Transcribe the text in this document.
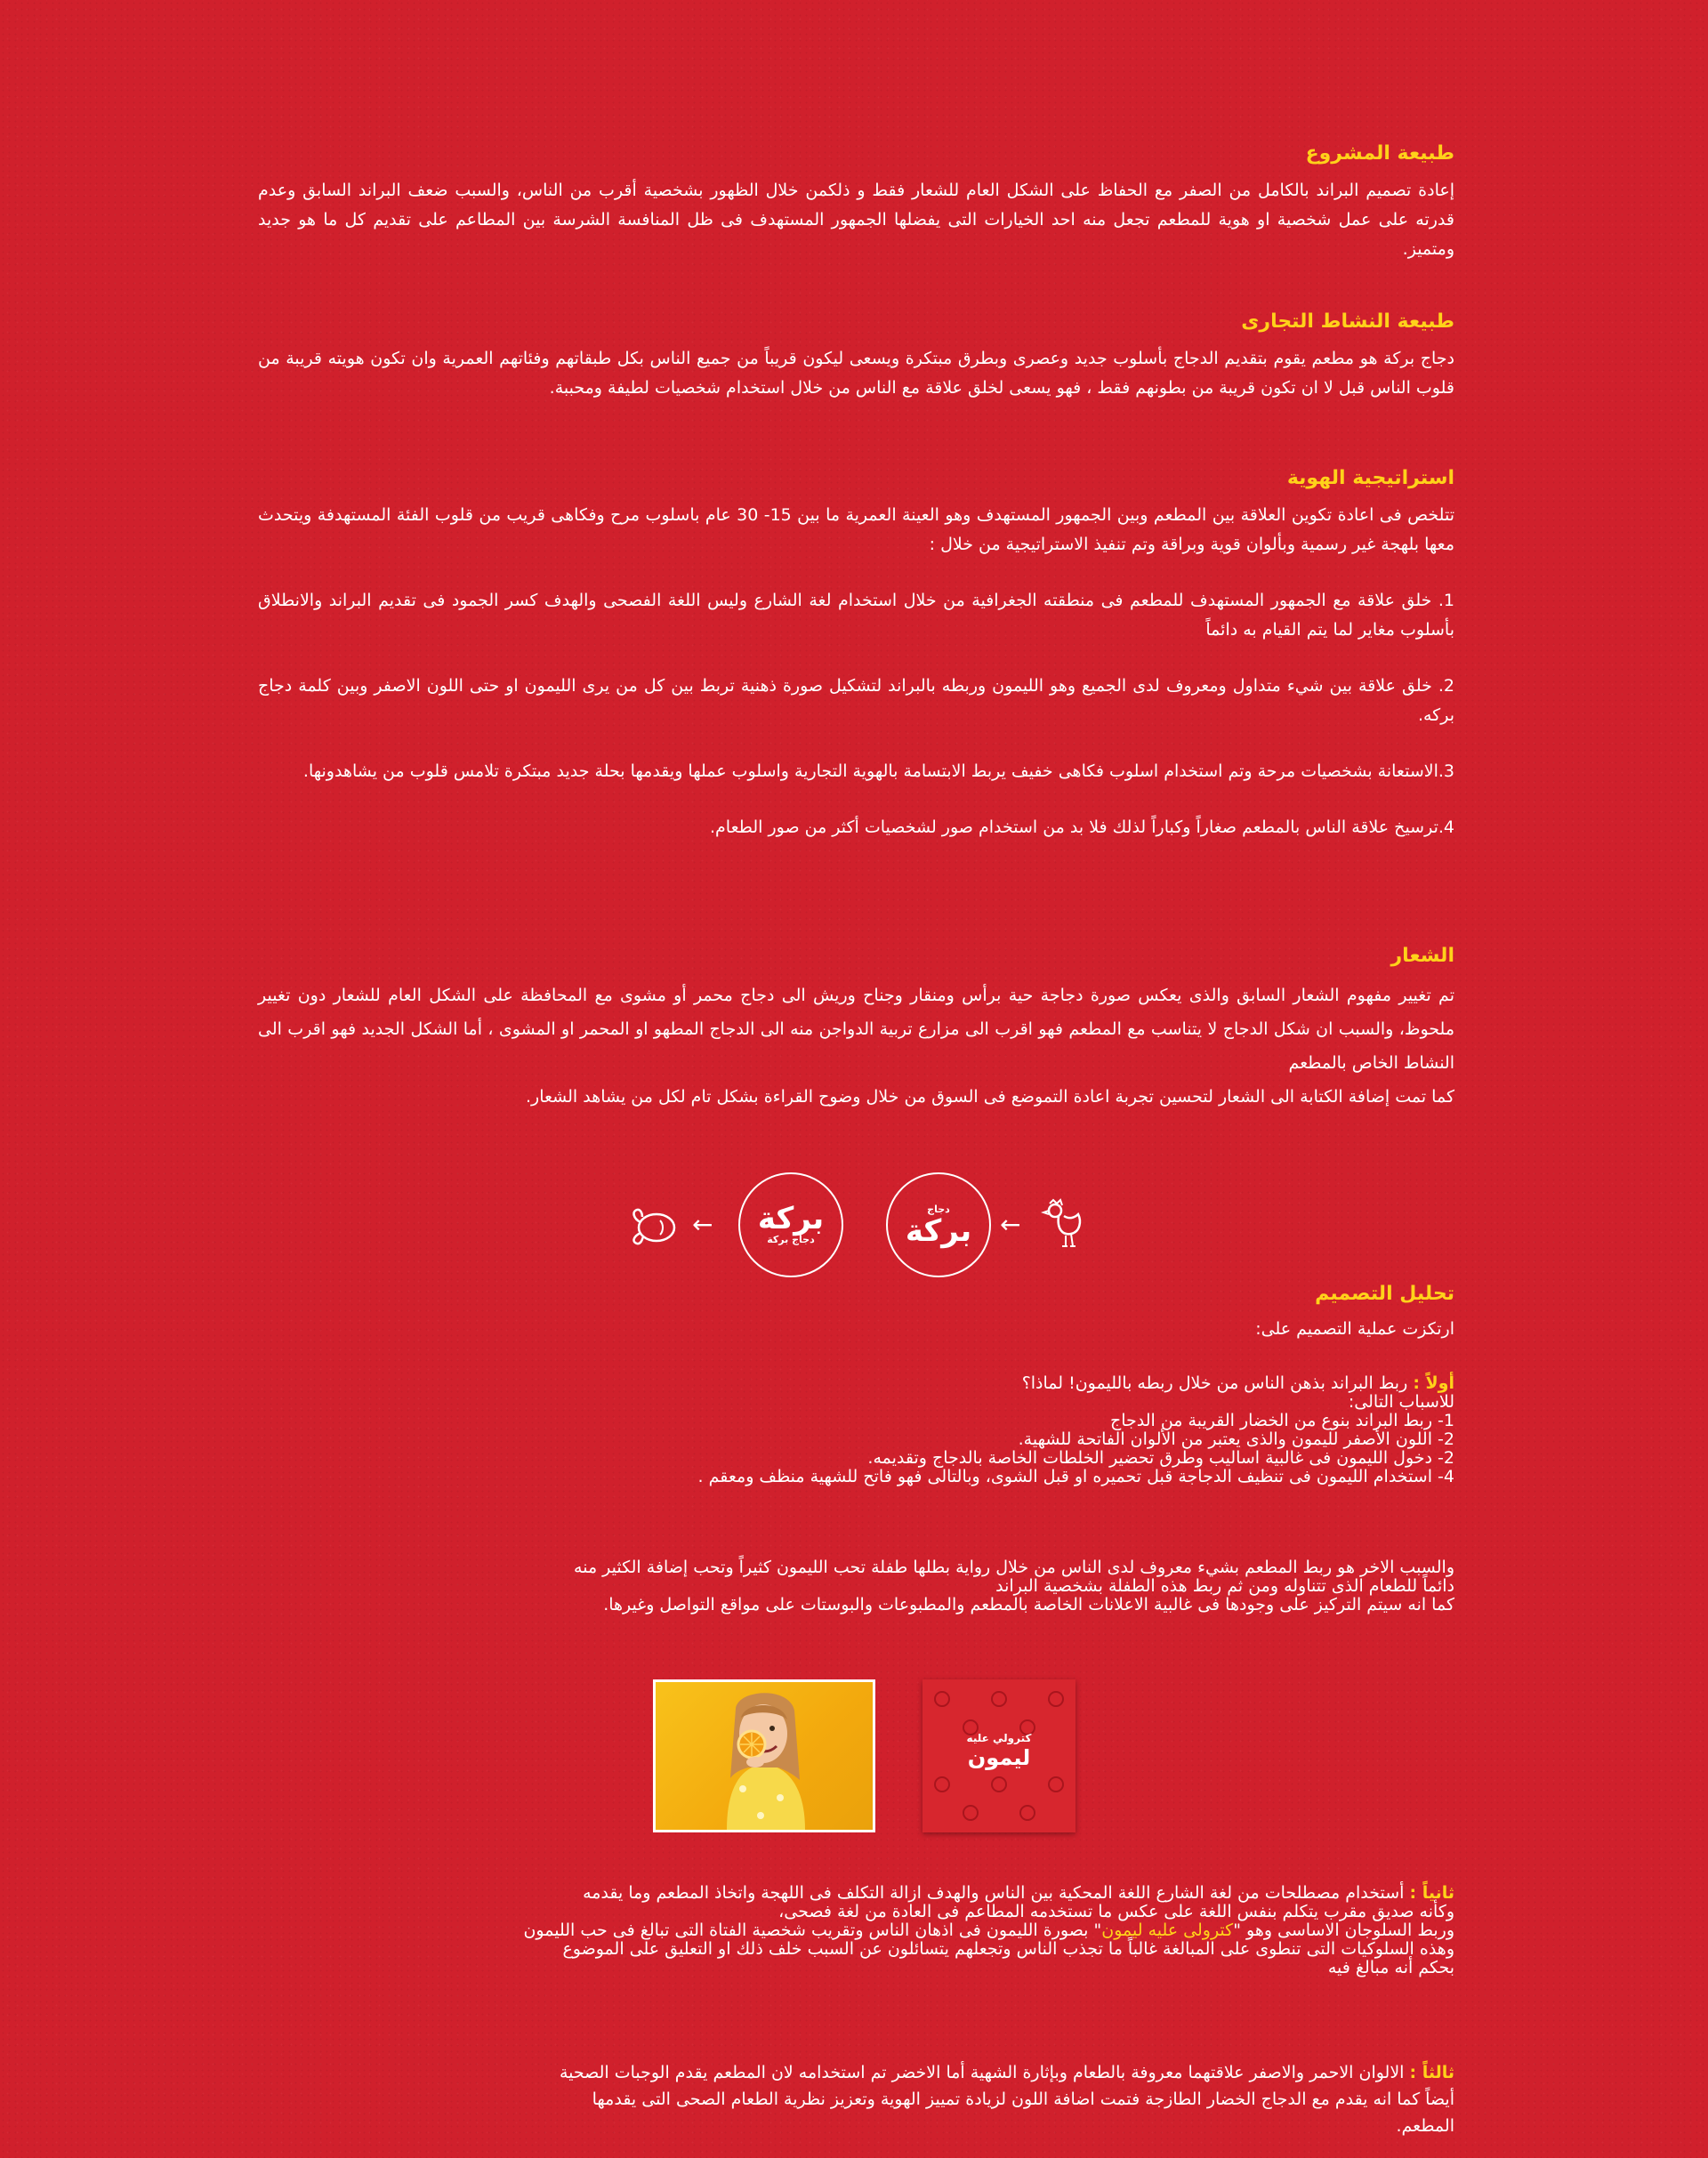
طبيعة المشروع

إعادة تصميم البراند بالكامل من الصفر مع الحفاظ على الشكل العام للشعار فقط و ذلكمن خلال الظهور بشخصية أقرب من الناس، والسبب ضعف البراند السابق وعدم قدرته على عمل شخصية او هوية للمطعم تجعل منه احد الخيارات التى يفضلها الجمهور المستهدف فى ظل المنافسة الشرسة بين المطاعم على تقديم كل ما هو جديد ومتميز.

طبيعة النشاط التجارى

دجاج بركة هو مطعم يقوم بتقديم الدجاج بأسلوب جديد وعصرى وبطرق مبتكرة ويسعى ليكون قريباً من جميع الناس بكل طبقاتهم وفئاتهم العمرية وان تكون هويته قريبة من قلوب الناس قبل لا ان تكون قريبة من بطونهم فقط ، فهو يسعى لخلق علاقة مع الناس من خلال استخدام شخصيات لطيفة ومحببة.

استراتيجية الهوية

تتلخص فى اعادة تكوين العلاقة بين المطعم وبين الجمهور المستهدف وهو العينة العمرية ما بين 15- 30 عام باسلوب مرح وفكاهى قريب من قلوب الفئة المستهدفة ويتحدث معها بلهجة غير رسمية وبألوان قوية وبراقة وتم تنفيذ الاستراتيجية من خلال :

1. خلق علاقة مع الجمهور المستهدف للمطعم فى منطقته الجغرافية من خلال استخدام لغة الشارع وليس اللغة الفصحى والهدف كسر الجمود فى تقديم البراند والانطلاق بأسلوب مغاير لما يتم القيام به دائماً

2. خلق علاقة بين شيء متداول ومعروف لدى الجميع وهو الليمون وربطه بالبراند لتشكيل صورة ذهنية تربط بين كل من يرى الليمون او حتى اللون الاصفر وبين كلمة دجاج بركه.

3.الاستعانة بشخصيات مرحة وتم استخدام اسلوب فكاهى خفيف يربط الابتسامة بالهوية التجارية واسلوب عملها ويقدمها بحلة جديد مبتكرة تلامس قلوب من يشاهدونها.

4.ترسيخ علاقة الناس بالمطعم صغاراً وكباراً لذلك فلا بد من استخدام صور لشخصيات أكثر من صور الطعام.

الشعار

تم تغيير مفهوم الشعار السابق والذى يعكس صورة دجاجة حية برأس ومنقار وجناح وريش الى دجاج محمر أو مشوى مع المحافظة على الشكل العام للشعار دون تغيير ملحوظ، والسبب ان شكل الدجاج لا يتناسب مع المطعم فهو اقرب الى مزارع تربية الدواجن منه الى الدجاج المطهو او المحمر او المشوى ، أما الشكل الجديد فهو اقرب الى النشاط الخاص بالمطعم

كما تمت إضافة الكتابة الى الشعار لتحسين تجربة اعادة التموضع فى السوق من خلال وضوح القراءة بشكل تام لكل من يشاهد الشعار.

← بركة
دجاج بركة
دجاج
بركة ←

تحليل التصميم

ارتكزت عملية التصميم على:

أولاً : ربط البراند بذهن الناس من خلال ربطه بالليمون! لماذا؟

للاسباب التالى:

1- ربط البراند بنوع من الخضار القريبة من الدجاج

2- اللون الأصفر لليمون والذى يعتبر من الألوان الفاتحة للشهية.

2- دخول الليمون فى غالبية اساليب وطرق تحضير الخلطات الخاصة بالدجاج وتقديمه.

4- استخدام الليمون فى تنظيف الدجاجة قبل تحميره او قبل الشوى، وبالتالى فهو فاتح للشهية منظف ومعقم .

والسبب الاخر هو ربط المطعم بشيء معروف لدى الناس من خلال رواية بطلها طفلة تحب الليمون كثيراً وتحب إضافة الكثير منه

دائماً للطعام الذى تتناوله ومن ثم ربط هذه الطفلة بشخصية البراند

كما انه سيتم التركيز على وجودها فى غالبية الاعلانات الخاصة بالمطعم والمطبوعات والبوستات على مواقع التواصل وغيرها.

كترولي عليه
ليمون

ثانياً : أستخدام مصطلحات من لغة الشارع اللغة المحكية بين الناس والهدف ازالة التكلف فى اللهجة واتخاذ المطعم وما يقدمه

وكأنه صديق مقرب يتكلم بنفس اللغة على عكس ما تستخدمه المطاعم فى العادة من لغة فصحى،

وربط السلوجان الاساسى وهو "كترولى عليه ليمون" بصورة الليمون فى اذهان الناس وتقريب شخصية الفتاة التى تبالغ فى حب الليمون

وهذه السلوكيات التى تنطوى على المبالغة غالباً ما تجذب الناس وتجعلهم يتسائلون عن السبب خلف ذلك او التعليق على الموضوع

بحكم أنه مبالغ فيه

ثالثاً : الالوان الاحمر والاصفر علاقتهما معروفة بالطعام وبإثارة الشهية أما الاخضر تم استخدامه لان المطعم يقدم الوجبات الصحية

أيضاً كما انه يقدم مع الدجاج الخضار الطازجة فتمت اضافة اللون لزيادة تمييز الهوية وتعزيز نظرية الطعام الصحى التى يقدمها

المطعم.
